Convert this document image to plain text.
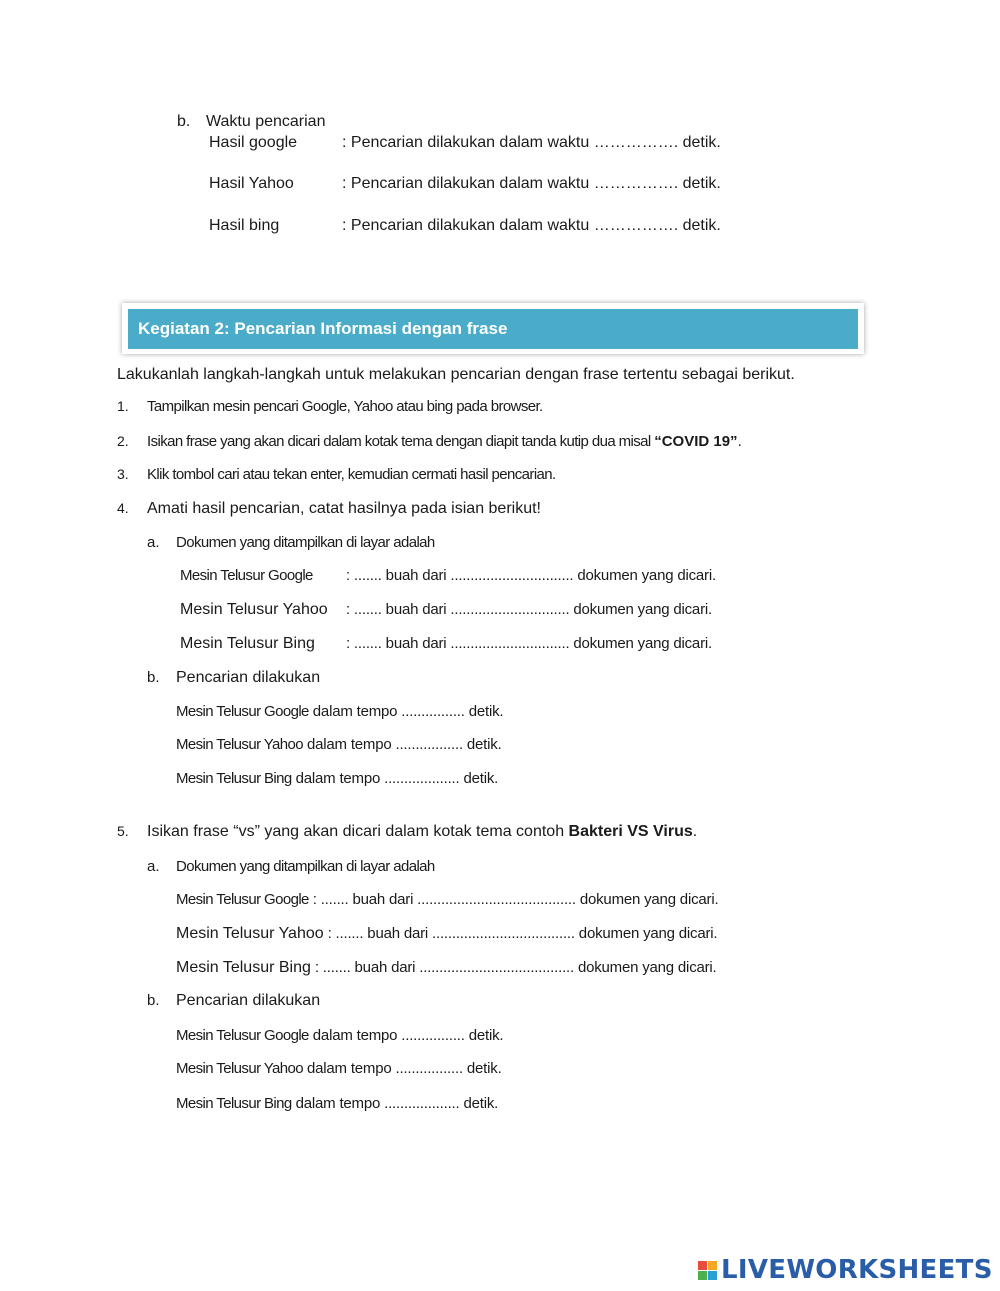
b. Waktu pencarian
Hasil google	: Pencarian dilakukan dalam waktu ……………. detik.
Hasil Yahoo	: Pencarian dilakukan dalam waktu ……………. detik.
Hasil bing	: Pencarian dilakukan dalam waktu ……………. detik.
Kegiatan 2: Pencarian Informasi dengan frase
Lakukanlah langkah-langkah untuk melakukan pencarian dengan frase tertentu sebagai berikut.
1. Tampilkan mesin pencari Google, Yahoo atau bing pada browser.
2. Isikan frase yang akan dicari dalam kotak tema dengan diapit tanda kutip dua misal “COVID 19”.
3. Klik tombol cari atau tekan enter, kemudian cermati hasil pencarian.
4. Amati hasil pencarian, catat hasilnya pada isian berikut!
a. Dokumen yang ditampilkan di layar adalah
Mesin Telusur Google : ....... buah dari ............................... dokumen yang dicari.
Mesin Telusur Yahoo : ....... buah dari .............................. dokumen yang dicari.
Mesin Telusur Bing : ....... buah dari .............................. dokumen yang dicari.
b. Pencarian dilakukan
Mesin Telusur Google dalam tempo ................ detik.
Mesin Telusur Yahoo dalam tempo ................. detik.
Mesin Telusur Bing dalam tempo ................... detik.
5. Isikan frase “vs” yang akan dicari dalam kotak tema contoh Bakteri VS Virus.
a. Dokumen yang ditampilkan di layar adalah
Mesin Telusur Google : ....... buah dari ........................................ dokumen yang dicari.
Mesin Telusur Yahoo : ....... buah dari .................................... dokumen yang dicari.
Mesin Telusur Bing : ....... buah dari ....................................... dokumen yang dicari.
b. Pencarian dilakukan
Mesin Telusur Google dalam tempo ................ detik.
Mesin Telusur Yahoo dalam tempo ................. detik.
Mesin Telusur Bing dalam tempo ................... detik.
LIVEWORKSHEETS
